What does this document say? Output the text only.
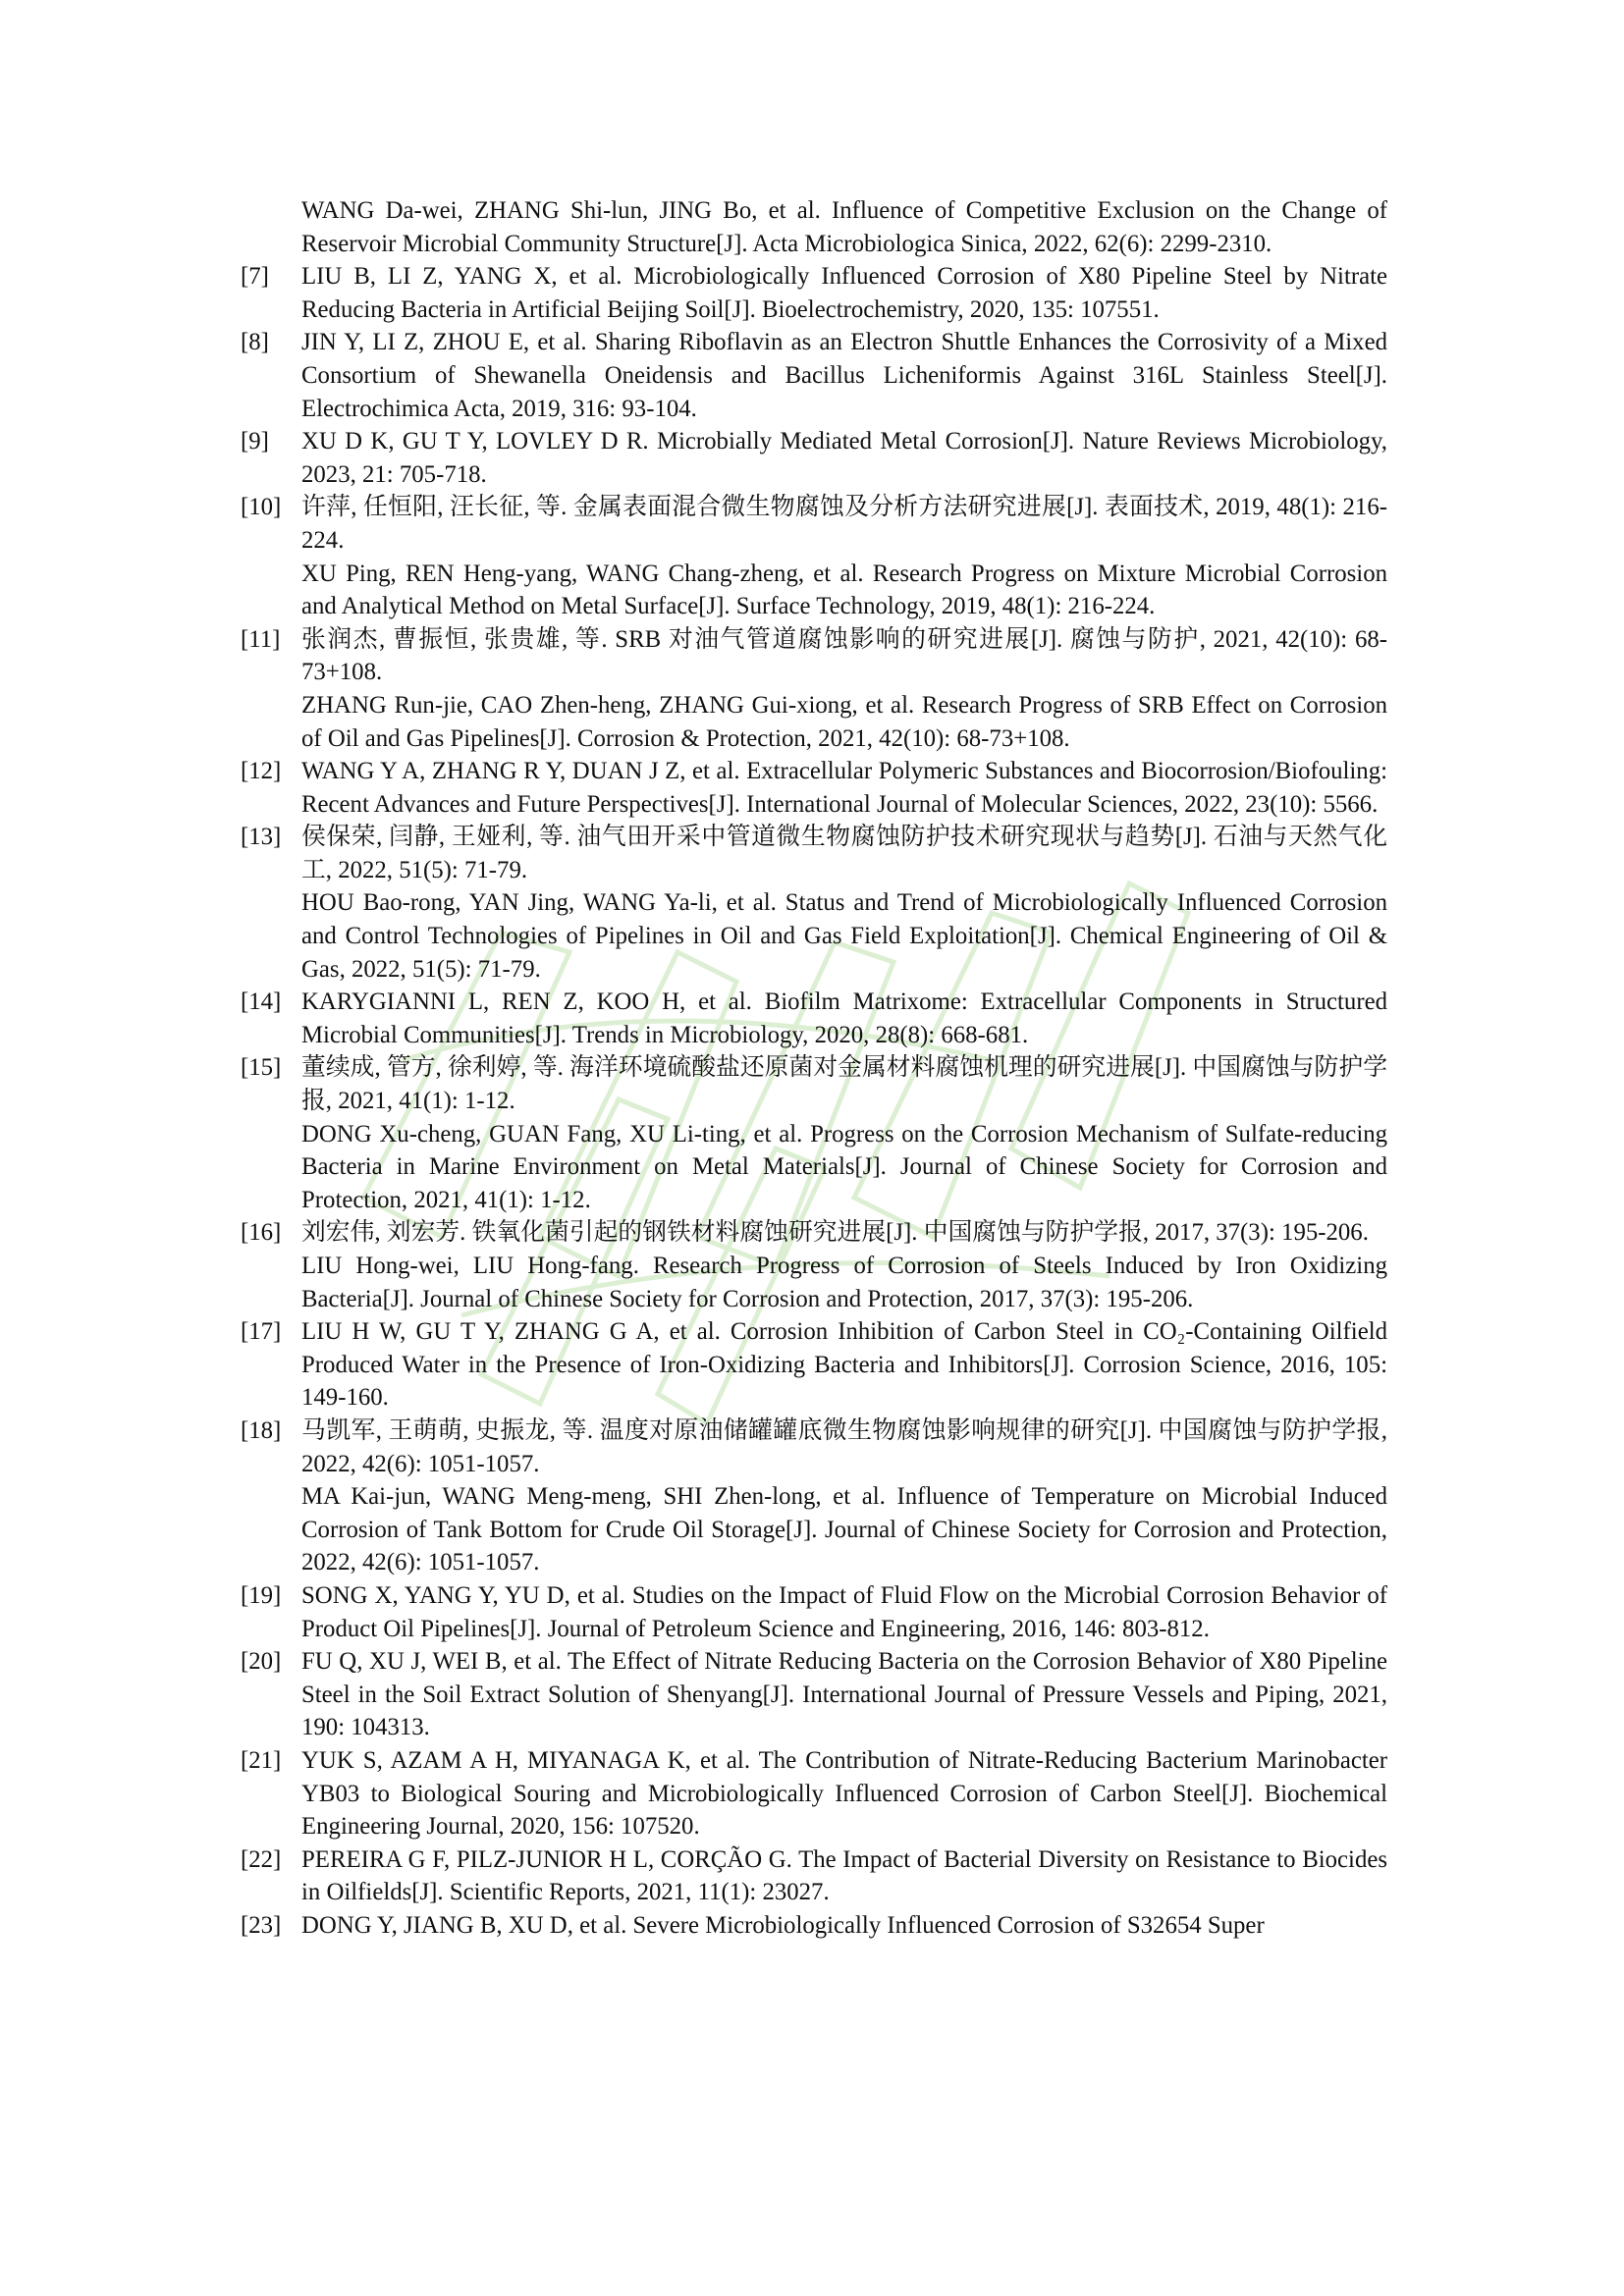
WANG Da-wei, ZHANG Shi-lun, JING Bo, et al. Influence of Competitive Exclusion on the Change of Reservoir Microbial Community Structure[J]. Acta Microbiologica Sinica, 2022, 62(6): 2299-2310.

[7]	LIU B, LI Z, YANG X, et al. Microbiologically Influenced Corrosion of X80 Pipeline Steel by Nitrate Reducing Bacteria in Artificial Beijing Soil[J]. Bioelectrochemistry, 2020, 135: 107551.

[8]	JIN Y, LI Z, ZHOU E, et al. Sharing Riboflavin as an Electron Shuttle Enhances the Corrosivity of a Mixed Consortium of Shewanella Oneidensis and Bacillus Licheniformis Against 316L Stainless Steel[J]. Electrochimica Acta, 2019, 316: 93-104.

[9]	XU D K, GU T Y, LOVLEY D R. Microbially Mediated Metal Corrosion[J]. Nature Reviews Microbiology, 2023, 21: 705-718.

[10] 许萍, 任恒阳, 汪长征, 等. 金属表面混合微生物腐蚀及分析方法研究进展[J]. 表面技术, 2019, 48(1): 216-224.

XU Ping, REN Heng-yang, WANG Chang-zheng, et al. Research Progress on Mixture Microbial Corrosion and Analytical Method on Metal Surface[J]. Surface Technology, 2019, 48(1): 216-224.

[11] 张润杰, 曹振恒, 张贵雄, 等. SRB 对油气管道腐蚀影响的研究进展[J]. 腐蚀与防护, 2021, 42(10): 68-73+108.

ZHANG Run-jie, CAO Zhen-heng, ZHANG Gui-xiong, et al. Research Progress of SRB Effect on Corrosion of Oil and Gas Pipelines[J]. Corrosion & Protection, 2021, 42(10): 68-73+108.

[12] WANG Y A, ZHANG R Y, DUAN J Z, et al. Extracellular Polymeric Substances and Biocorrosion/Biofouling: Recent Advances and Future Perspectives[J]. International Journal of Molecular Sciences, 2022, 23(10): 5566.

[13] 侯保荣, 闫静, 王娅利, 等. 油气田开采中管道微生物腐蚀防护技术研究现状与趋势[J]. 石油与天然气化工, 2022, 51(5): 71-79.

HOU Bao-rong, YAN Jing, WANG Ya-li, et al. Status and Trend of Microbiologically Influenced Corrosion and Control Technologies of Pipelines in Oil and Gas Field Exploitation[J]. Chemical Engineering of Oil & Gas, 2022, 51(5): 71-79.

[14] KARYGIANNI L, REN Z, KOO H, et al. Biofilm Matrixome: Extracellular Components in Structured Microbial Communities[J]. Trends in Microbiology, 2020, 28(8): 668-681.

[15] 董续成, 管方, 徐利婷, 等. 海洋环境硫酸盐还原菌对金属材料腐蚀机理的研究进展[J]. 中国腐蚀与防护学报, 2021, 41(1): 1-12.

DONG Xu-cheng, GUAN Fang, XU Li-ting, et al. Progress on the Corrosion Mechanism of Sulfate-reducing Bacteria in Marine Environment on Metal Materials[J]. Journal of Chinese Society for Corrosion and Protection, 2021, 41(1): 1-12.

[16] 刘宏伟, 刘宏芳. 铁氧化菌引起的钢铁材料腐蚀研究进展[J]. 中国腐蚀与防护学报, 2017, 37(3): 195-206.

LIU Hong-wei, LIU Hong-fang. Research Progress of Corrosion of Steels Induced by Iron Oxidizing Bacteria[J]. Journal of Chinese Society for Corrosion and Protection, 2017, 37(3): 195-206.

[17] LIU H W, GU T Y, ZHANG G A, et al. Corrosion Inhibition of Carbon Steel in CO₂-Containing Oilfield Produced Water in the Presence of Iron-Oxidizing Bacteria and Inhibitors[J]. Corrosion Science, 2016, 105: 149-160.

[18] 马凯军, 王萌萌, 史振龙, 等. 温度对原油储罐罐底微生物腐蚀影响规律的研究[J]. 中国腐蚀与防护学报, 2022, 42(6): 1051-1057.

MA Kai-jun, WANG Meng-meng, SHI Zhen-long, et al. Influence of Temperature on Microbial Induced Corrosion of Tank Bottom for Crude Oil Storage[J]. Journal of Chinese Society for Corrosion and Protection, 2022, 42(6): 1051-1057.

[19] SONG X, YANG Y, YU D, et al. Studies on the Impact of Fluid Flow on the Microbial Corrosion Behavior of Product Oil Pipelines[J]. Journal of Petroleum Science and Engineering, 2016, 146: 803-812.

[20] FU Q, XU J, WEI B, et al. The Effect of Nitrate Reducing Bacteria on the Corrosion Behavior of X80 Pipeline Steel in the Soil Extract Solution of Shenyang[J]. International Journal of Pressure Vessels and Piping, 2021, 190: 104313.

[21] YUK S, AZAM A H, MIYANAGA K, et al. The Contribution of Nitrate-Reducing Bacterium Marinobacter YB03 to Biological Souring and Microbiologically Influenced Corrosion of Carbon Steel[J]. Biochemical Engineering Journal, 2020, 156: 107520.

[22] PEREIRA G F, PILZ-JUNIOR H L, CORÇÃO G. The Impact of Bacterial Diversity on Resistance to Biocides in Oilfields[J]. Scientific Reports, 2021, 11(1): 23027.

[23] DONG Y, JIANG B, XU D, et al. Severe Microbiologically Influenced Corrosion of S32654 Super
